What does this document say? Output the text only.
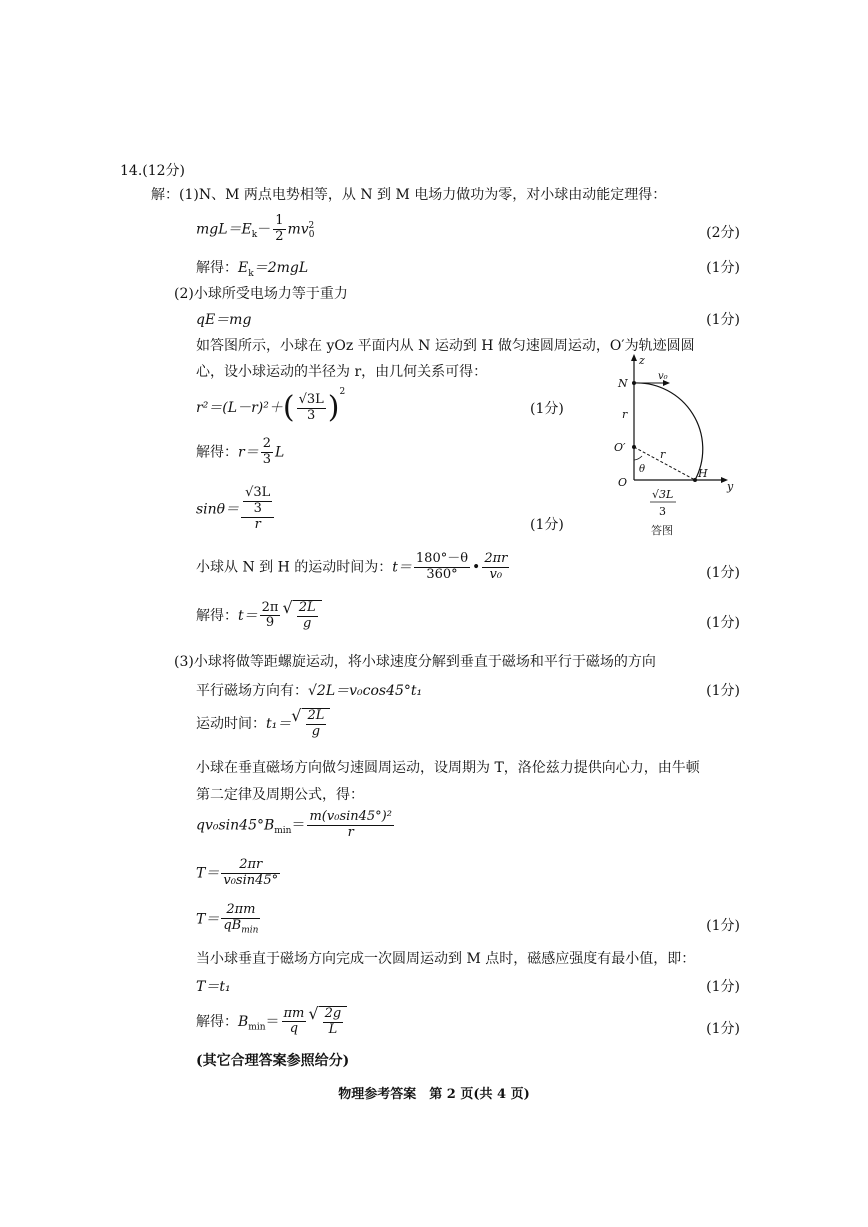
14.(12分)
解：(1)N、M 两点电势相等，从 N 到 M 电场力做功为零，对小球由动能定理得：
$mgL=E_k- \frac{1}{2} mv_0^2$	(2分)
解得：$E_k=2mgL$	(1分)
(2)小球所受电场力等于重力
qE＝mg	(1分)
如答图所示，小球在 yOz 平面内从 N 运动到 H 做匀速圆周运动，O′为轨迹圆圆
心，设小球运动的半径为 r，由几何关系可得：
$r^2=(L-r)^2+( \frac{√3L}{3} )^2$
(1分)
解得：$r= \frac{2}{3}$ L
$\sin\theta= \frac{\frac{√3L}{3}}{r}$	(1分)
小球从 N 到 H 的运动时间为：$t= \frac{180^\circ-\theta}{360^\circ}$ • $\frac{2\pi r}{\text{v₀}}$	(1分)
解得：$t= \frac{2\pi}{9}$ √ $\frac{2L}{g}$	(1分)
z
y
N
v₀
r
O′
r
θ	H
O
√3L
3
答图
(3)小球将做等距螺旋运动，将小球速度分解到垂直于磁场和平行于磁场的方向
平行磁场方向有：√2L＝v₀cos45°t₁	(1分)
运动时间：t₁＝ √ $\frac{2L}{g}$
小球在垂直磁场方向做匀速圆周运动，设周期为 T，洛伦兹力提供向心力，由牛顿
第二定律及周期公式，得：
$qv_0\sin 45^\circ B_{min}= \frac{\text{m(v₀sin45°)²}}{r}$
$T= \frac{2\pi r}{\text{v₀sin45°}}$
$T= \frac{2\pi m}{qB_{min}}$	(1分)
当小球垂直于磁场方向完成一次圆周运动到 M 点时，磁感应强度有最小值，即：
T＝t₁	(1分)
解得：$B_{min}= \frac{\pi m}{q}$ √ $\frac{2g}{L}$	(1分)
(其它合理答案参照给分)
物理参考答案　第 2 页(共 4 页)
